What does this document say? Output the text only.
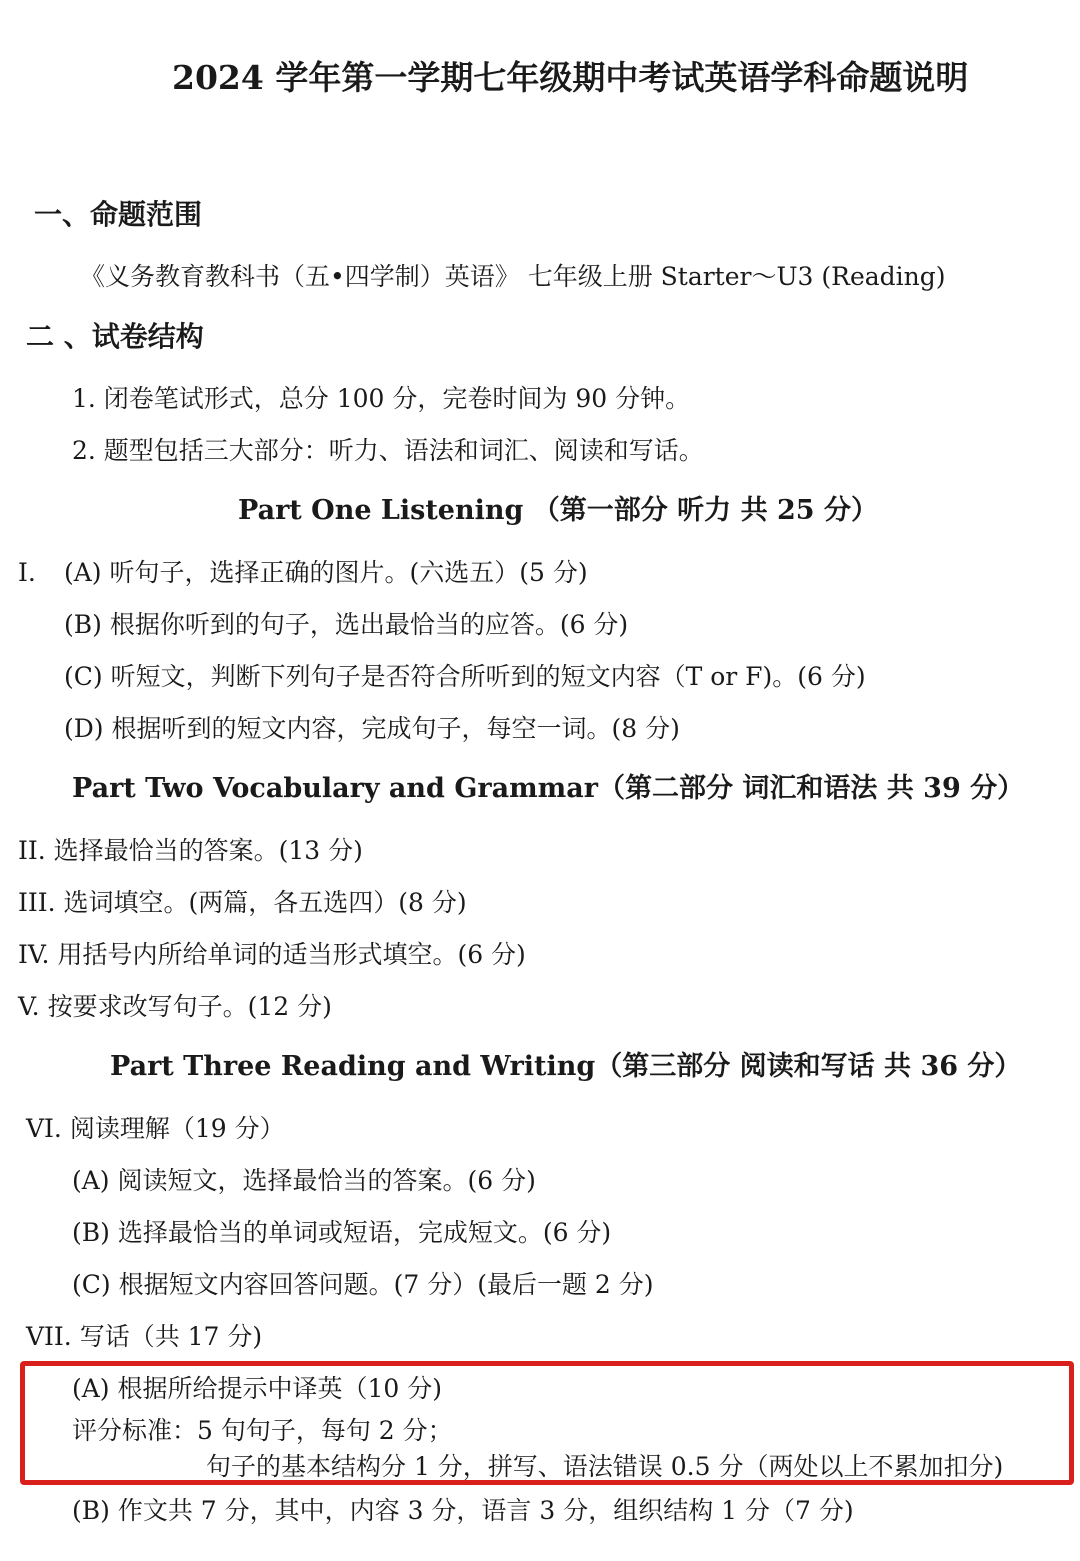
2024 学年第一学期七年级期中考试英语学科命题说明
一、命题范围
《义务教育教科书（五•四学制）英语》 七年级上册 Starter～U3 (Reading)
二 、试卷结构
1. 闭卷笔试形式，总分 100 分，完卷时间为 90 分钟。
2. 题型包括三大部分：听力、语法和词汇、阅读和写话。
Part One Listening （第一部分 听力 共 25 分）
I. (A) 听句子，选择正确的图片。(六选五）(5 分)
(B) 根据你听到的句子，选出最恰当的应答。(6 分)
(C) 听短文，判断下列句子是否符合所听到的短文内容（T or F)。(6 分)
(D) 根据听到的短文内容，完成句子，每空一词。(8 分)
Part Two Vocabulary and Grammar（第二部分 词汇和语法 共 39 分）
II. 选择最恰当的答案。(13 分)
III. 选词填空。(两篇，各五选四）(8 分)
IV. 用括号内所给单词的适当形式填空。(6 分)
V. 按要求改写句子。(12 分)
Part Three Reading and Writing（第三部分 阅读和写话 共 36 分）
VI. 阅读理解（19 分）
(A) 阅读短文，选择最恰当的答案。(6 分)
(B) 选择最恰当的单词或短语，完成短文。(6 分)
(C) 根据短文内容回答问题。(7 分）(最后一题 2 分)
VII. 写话（共 17 分)
(A) 根据所给提示中译英（10 分)
评分标准：5 句句子，每句 2 分；
句子的基本结构分 1 分，拼写、语法错误 0.5 分（两处以上不累加扣分)
(B) 作文共 7 分，其中，内容 3 分，语言 3 分，组织结构 1 分（7 分)
